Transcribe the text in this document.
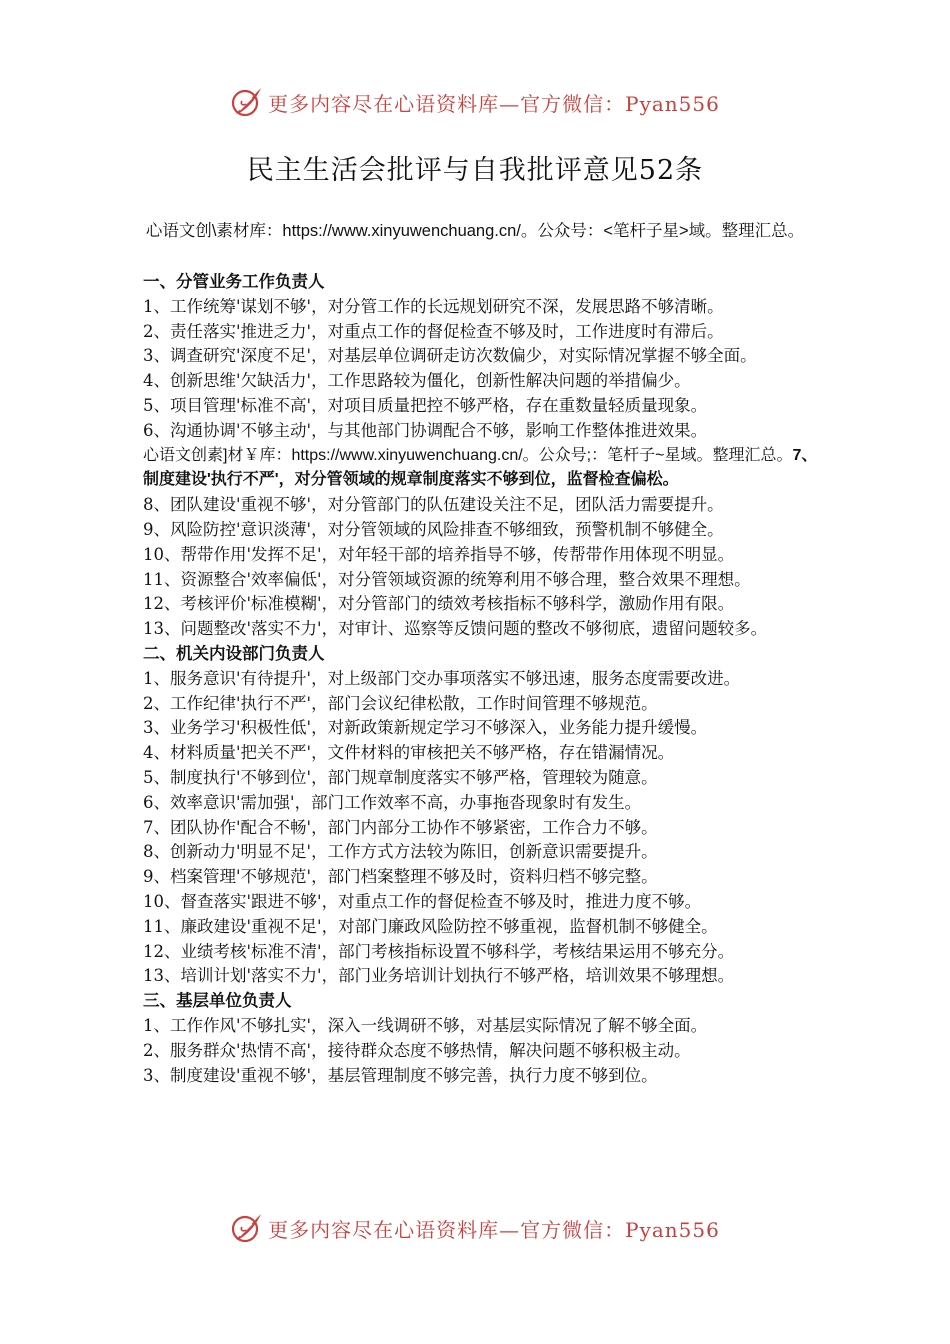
更多内容尽在心语资料库—官方微信：Pyan556
民主生活会批评与自我批评意见52条
心语文创\素材库：https://www.xinyuwenchuang.cn/。公众号：<笔杆子星>域。整理汇总。
一、分管业务工作负责人
1、工作统筹'谋划不够'，对分管工作的长远规划研究不深，发展思路不够清晰。
2、责任落实'推进乏力'，对重点工作的督促检查不够及时，工作进度时有滞后。
3、调查研究'深度不足'，对基层单位调研走访次数偏少，对实际情况掌握不够全面。
4、创新思维'欠缺活力'，工作思路较为僵化，创新性解决问题的举措偏少。
5、项目管理'标准不高'，对项目质量把控不够严格，存在重数量轻质量现象。
6、沟通协调'不够主动'，与其他部门协调配合不够，影响工作整体推进效果。
心语文创素]材￥库：https://www.xinyuwenchuang.cn/。公众号;：笔杆子~星域。整理汇总。7、制度建设'执行不严'，对分管领域的规章制度落实不够到位，监督检查偏松。
8、团队建设'重视不够'，对分管部门的队伍建设关注不足，团队活力需要提升。
9、风险防控'意识淡薄'，对分管领域的风险排查不够细致，预警机制不够健全。
10、帮带作用'发挥不足'，对年轻干部的培养指导不够，传帮带作用体现不明显。
11、资源整合'效率偏低'，对分管领域资源的统筹利用不够合理，整合效果不理想。
12、考核评价'标准模糊'，对分管部门的绩效考核指标不够科学，激励作用有限。
13、问题整改'落实不力'，对审计、巡察等反馈问题的整改不够彻底，遗留问题较多。
二、机关内设部门负责人
1、服务意识'有待提升'，对上级部门交办事项落实不够迅速，服务态度需要改进。
2、工作纪律'执行不严'，部门会议纪律松散，工作时间管理不够规范。
3、业务学习'积极性低'，对新政策新规定学习不够深入，业务能力提升缓慢。
4、材料质量'把关不严'，文件材料的审核把关不够严格，存在错漏情况。
5、制度执行'不够到位'，部门规章制度落实不够严格，管理较为随意。
6、效率意识'需加强'，部门工作效率不高，办事拖沓现象时有发生。
7、团队协作'配合不畅'，部门内部分工协作不够紧密，工作合力不够。
8、创新动力'明显不足'，工作方式方法较为陈旧，创新意识需要提升。
9、档案管理'不够规范'，部门档案整理不够及时，资料归档不够完整。
10、督查落实'跟进不够'，对重点工作的督促检查不够及时，推进力度不够。
11、廉政建设'重视不足'，对部门廉政风险防控不够重视，监督机制不够健全。
12、业绩考核'标准不清'，部门考核指标设置不够科学，考核结果运用不够充分。
13、培训计划'落实不力'，部门业务培训计划执行不够严格，培训效果不够理想。
三、基层单位负责人
1、工作作风'不够扎实'，深入一线调研不够，对基层实际情况了解不够全面。
2、服务群众'热情不高'，接待群众态度不够热情，解决问题不够积极主动。
3、制度建设'重视不够'，基层管理制度不够完善，执行力度不够到位。
更多内容尽在心语资料库—官方微信：Pyan556
